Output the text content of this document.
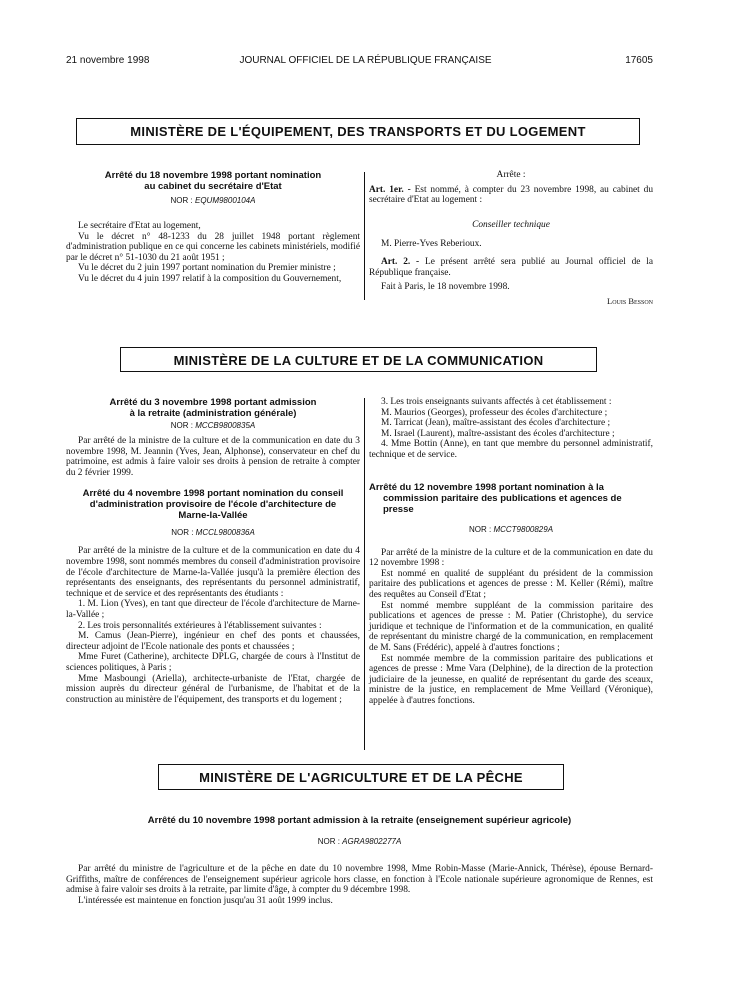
21 novembre 1998	JOURNAL OFFICIEL DE LA RÉPUBLIQUE FRANÇAISE	17605
MINISTÈRE DE L'ÉQUIPEMENT, DES TRANSPORTS ET DU LOGEMENT
Arrêté du 18 novembre 1998 portant nomination
au cabinet du secrétaire d'Etat
NOR : EQUM9800104A

Le secrétaire d'Etat au logement,

Vu le décret n° 48-1233 du 28 juillet 1948 portant règlement d'administration publique en ce qui concerne les cabinets ministériels, modifié par le décret n° 51-1030 du 21 août 1951 ;

Vu le décret du 2 juin 1997 portant nomination du Premier ministre ;

Vu le décret du 4 juin 1997 relatif à la composition du Gouvernement,

Arrête :

Art. 1er. - Est nommé, à compter du 23 novembre 1998, au cabinet du secrétaire d'Etat au logement :

Conseiller technique

M. Pierre-Yves Reberioux.

Art. 2. - Le présent arrêté sera publié au Journal officiel de la République française.

Fait à Paris, le 18 novembre 1998.

Louis Besson

MINISTÈRE DE LA CULTURE ET DE LA COMMUNICATION
Arrêté du 3 novembre 1998 portant admission
à la retraite (administration générale)
NOR : MCCB9800835A

Par arrêté de la ministre de la culture et de la communication en date du 3 novembre 1998, M. Jeannin (Yves, Jean, Alphonse), conservateur en chef du patrimoine, est admis à faire valoir ses droits à pension de retraite à compter du 2 février 1999.

Arrêté du 4 novembre 1998 portant nomination du conseil
d'administration provisoire de l'école d'architecture de
Marne-la-Vallée
NOR : MCCL9800836A

Par arrêté de la ministre de la culture et de la communication en date du 4 novembre 1998, sont nommés membres du conseil d'administration provisoire de l'école d'architecture de Marne-la-Vallée jusqu'à la première élection des représentants des enseignants, des représentants du personnel administratif, technique et de service et des représentants des étudiants :

1. M. Lion (Yves), en tant que directeur de l'école d'architecture de Marne-la-Vallée ;

2. Les trois personnalités extérieures à l'établissement suivantes :

M. Camus (Jean-Pierre), ingénieur en chef des ponts et chaussées, directeur adjoint de l'Ecole nationale des ponts et chaussées ;

Mme Furet (Catherine), architecte DPLG, chargée de cours à l'Institut de sciences politiques, à Paris ;

Mme Masboungi (Ariella), architecte-urbaniste de l'Etat, chargée de mission auprès du directeur général de l'urbanisme, de l'habitat et de la construction au ministère de l'équipement, des transports et du logement ;

3. Les trois enseignants suivants affectés à cet établissement :

M. Maurios (Georges), professeur des écoles d'architecture ;

M. Tarricat (Jean), maître-assistant des écoles d'architecture ;

M. Israel (Laurent), maître-assistant des écoles d'architecture ;

4. Mme Bottin (Anne), en tant que membre du personnel administratif, technique et de service.

Arrêté du 12 novembre 1998 portant nomination à la
commission paritaire des publications et agences de
presse
NOR : MCCT9800829A

Par arrêté de la ministre de la culture et de la communication en date du 12 novembre 1998 :

Est nommé en qualité de suppléant du président de la commission paritaire des publications et agences de presse : M. Keller (Rémi), maître des requêtes au Conseil d'Etat ;

Est nommé membre suppléant de la commission paritaire des publications et agences de presse : M. Patier (Christophe), du service juridique et technique de l'information et de la communication, en qualité de représentant du ministre chargé de la communication, en remplacement de M. Sans (Frédéric), appelé à d'autres fonctions ;

Est nommée membre de la commission paritaire des publications et agences de presse : Mme Vara (Delphine), de la direction de la protection judiciaire de la jeunesse, en qualité de représentant du garde des sceaux, ministre de la justice, en remplacement de Mme Veillard (Véronique), appelée à d'autres fonctions.

MINISTÈRE DE L'AGRICULTURE ET DE LA PÊCHE
Arrêté du 10 novembre 1998 portant admission à la retraite (enseignement supérieur agricole)
NOR : AGRA9802277A

Par arrêté du ministre de l'agriculture et de la pêche en date du 10 novembre 1998, Mme Robin-Masse (Marie-Annick, Thérèse), épouse Bernard-Griffiths, maître de conférences de l'enseignement supérieur agricole hors classe, en fonction à l'Ecole nationale supérieure agronomique de Rennes, est admise à faire valoir ses droits à la retraite, par limite d'âge, à compter du 9 décembre 1998.

L'intéressée est maintenue en fonction jusqu'au 31 août 1999 inclus.
